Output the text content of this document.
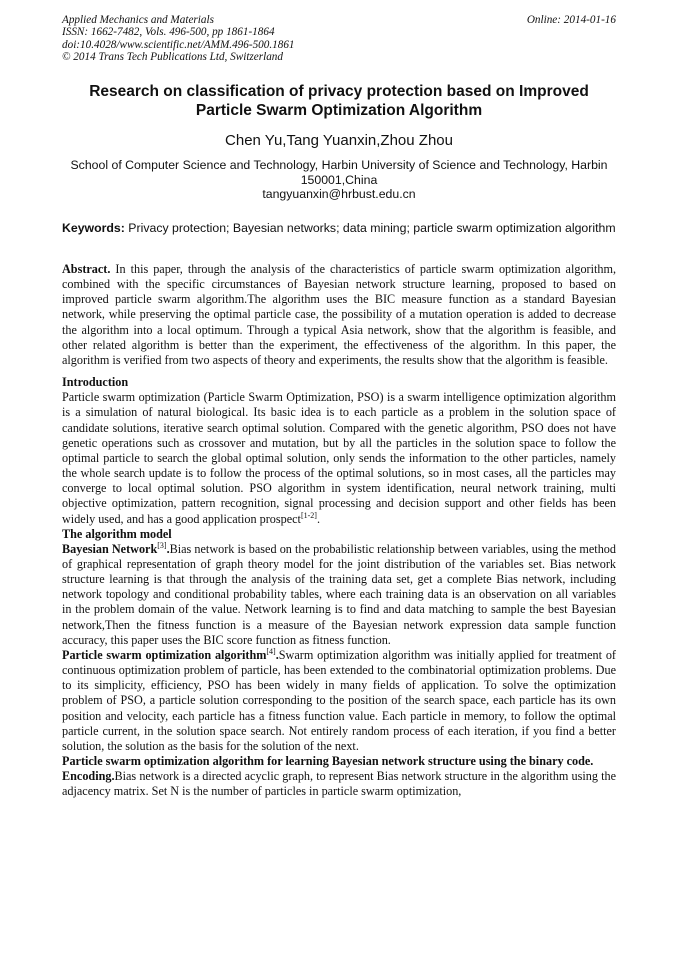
Applied Mechanics and Materials
ISSN: 1662-7482, Vols. 496-500, pp 1861-1864
doi:10.4028/www.scientific.net/AMM.496-500.1861
© 2014 Trans Tech Publications Ltd, Switzerland
Online: 2014-01-16
Research on classification of privacy protection based on Improved
Particle Swarm Optimization Algorithm
Chen Yu,Tang Yuanxin,Zhou Zhou
School of Computer Science and Technology, Harbin University of Science and Technology, Harbin
150001,China
tangyuanxin@hrbust.edu.cn
Keywords: Privacy protection; Bayesian networks; data mining; particle swarm optimization algorithm

Abstract. In this paper, through the analysis of the characteristics of particle swarm optimization algorithm, combined with the specific circumstances of Bayesian network structure learning, proposed to based on improved particle swarm algorithm.The algorithm uses the BIC measure function as a standard Bayesian network, while preserving the optimal particle case, the possibility of a mutation operation is added to decrease the algorithm into a local optimum. Through a typical Asia network, show that the algorithm is feasible, and other related algorithm is better than the experiment, the effectiveness of the algorithm. In this paper, the algorithm is verified from two aspects of theory and experiments, the results show that the algorithm is feasible.

Introduction

Particle swarm optimization (Particle Swarm Optimization, PSO) is a swarm intelligence optimization algorithm is a simulation of natural biological. Its basic idea is to each particle as a problem in the solution space of candidate solutions, iterative search optimal solution. Compared with the genetic algorithm, PSO does not have genetic operations such as crossover and mutation, but by all the particles in the solution space to follow the optimal particle to search the global optimal solution, only sends the information to the other particles, namely the whole search update is to follow the process of the optimal solutions, so in most cases, all the particles may converge to local optimal solution. PSO algorithm in system identification, neural network training, multi objective optimization, pattern recognition, signal processing and decision support and other fields has been widely used, and has a good application prospect[1-2].

The algorithm model

Bayesian Network[3].Bias network is based on the probabilistic relationship between variables, using the method of graphical representation of graph theory model for the joint distribution of the variables set. Bias network structure learning is that through the analysis of the training data set, get a complete Bias network, including network topology and conditional probability tables, where each training data is an observation on all variables in the problem domain of the value. Network learning is to find and data matching to sample the best Bayesian network,Then the fitness function is a measure of the Bayesian network expression data sample function accuracy, this paper uses the BIC score function as fitness function.

Particle swarm optimization algorithm[4].Swarm optimization algorithm was initially applied for treatment of continuous optimization problem of particle, has been extended to the combinatorial optimization problems. Due to its simplicity, efficiency, PSO has been widely in many fields of application. To solve the optimization problem of PSO, a particle solution corresponding to the position of the search space, each particle has its own position and velocity, each particle has a fitness function value. Each particle in memory, to follow the optimal particle current, in the solution space search. Not entirely random process of each iteration, if you find a better solution, the solution as the basis for the solution of the next.

Particle swarm optimization algorithm for learning Bayesian network structure using the binary code.

Encoding.Bias network is a directed acyclic graph, to represent Bias network structure in the algorithm using the adjacency matrix. Set N is the number of particles in particle swarm optimization,
